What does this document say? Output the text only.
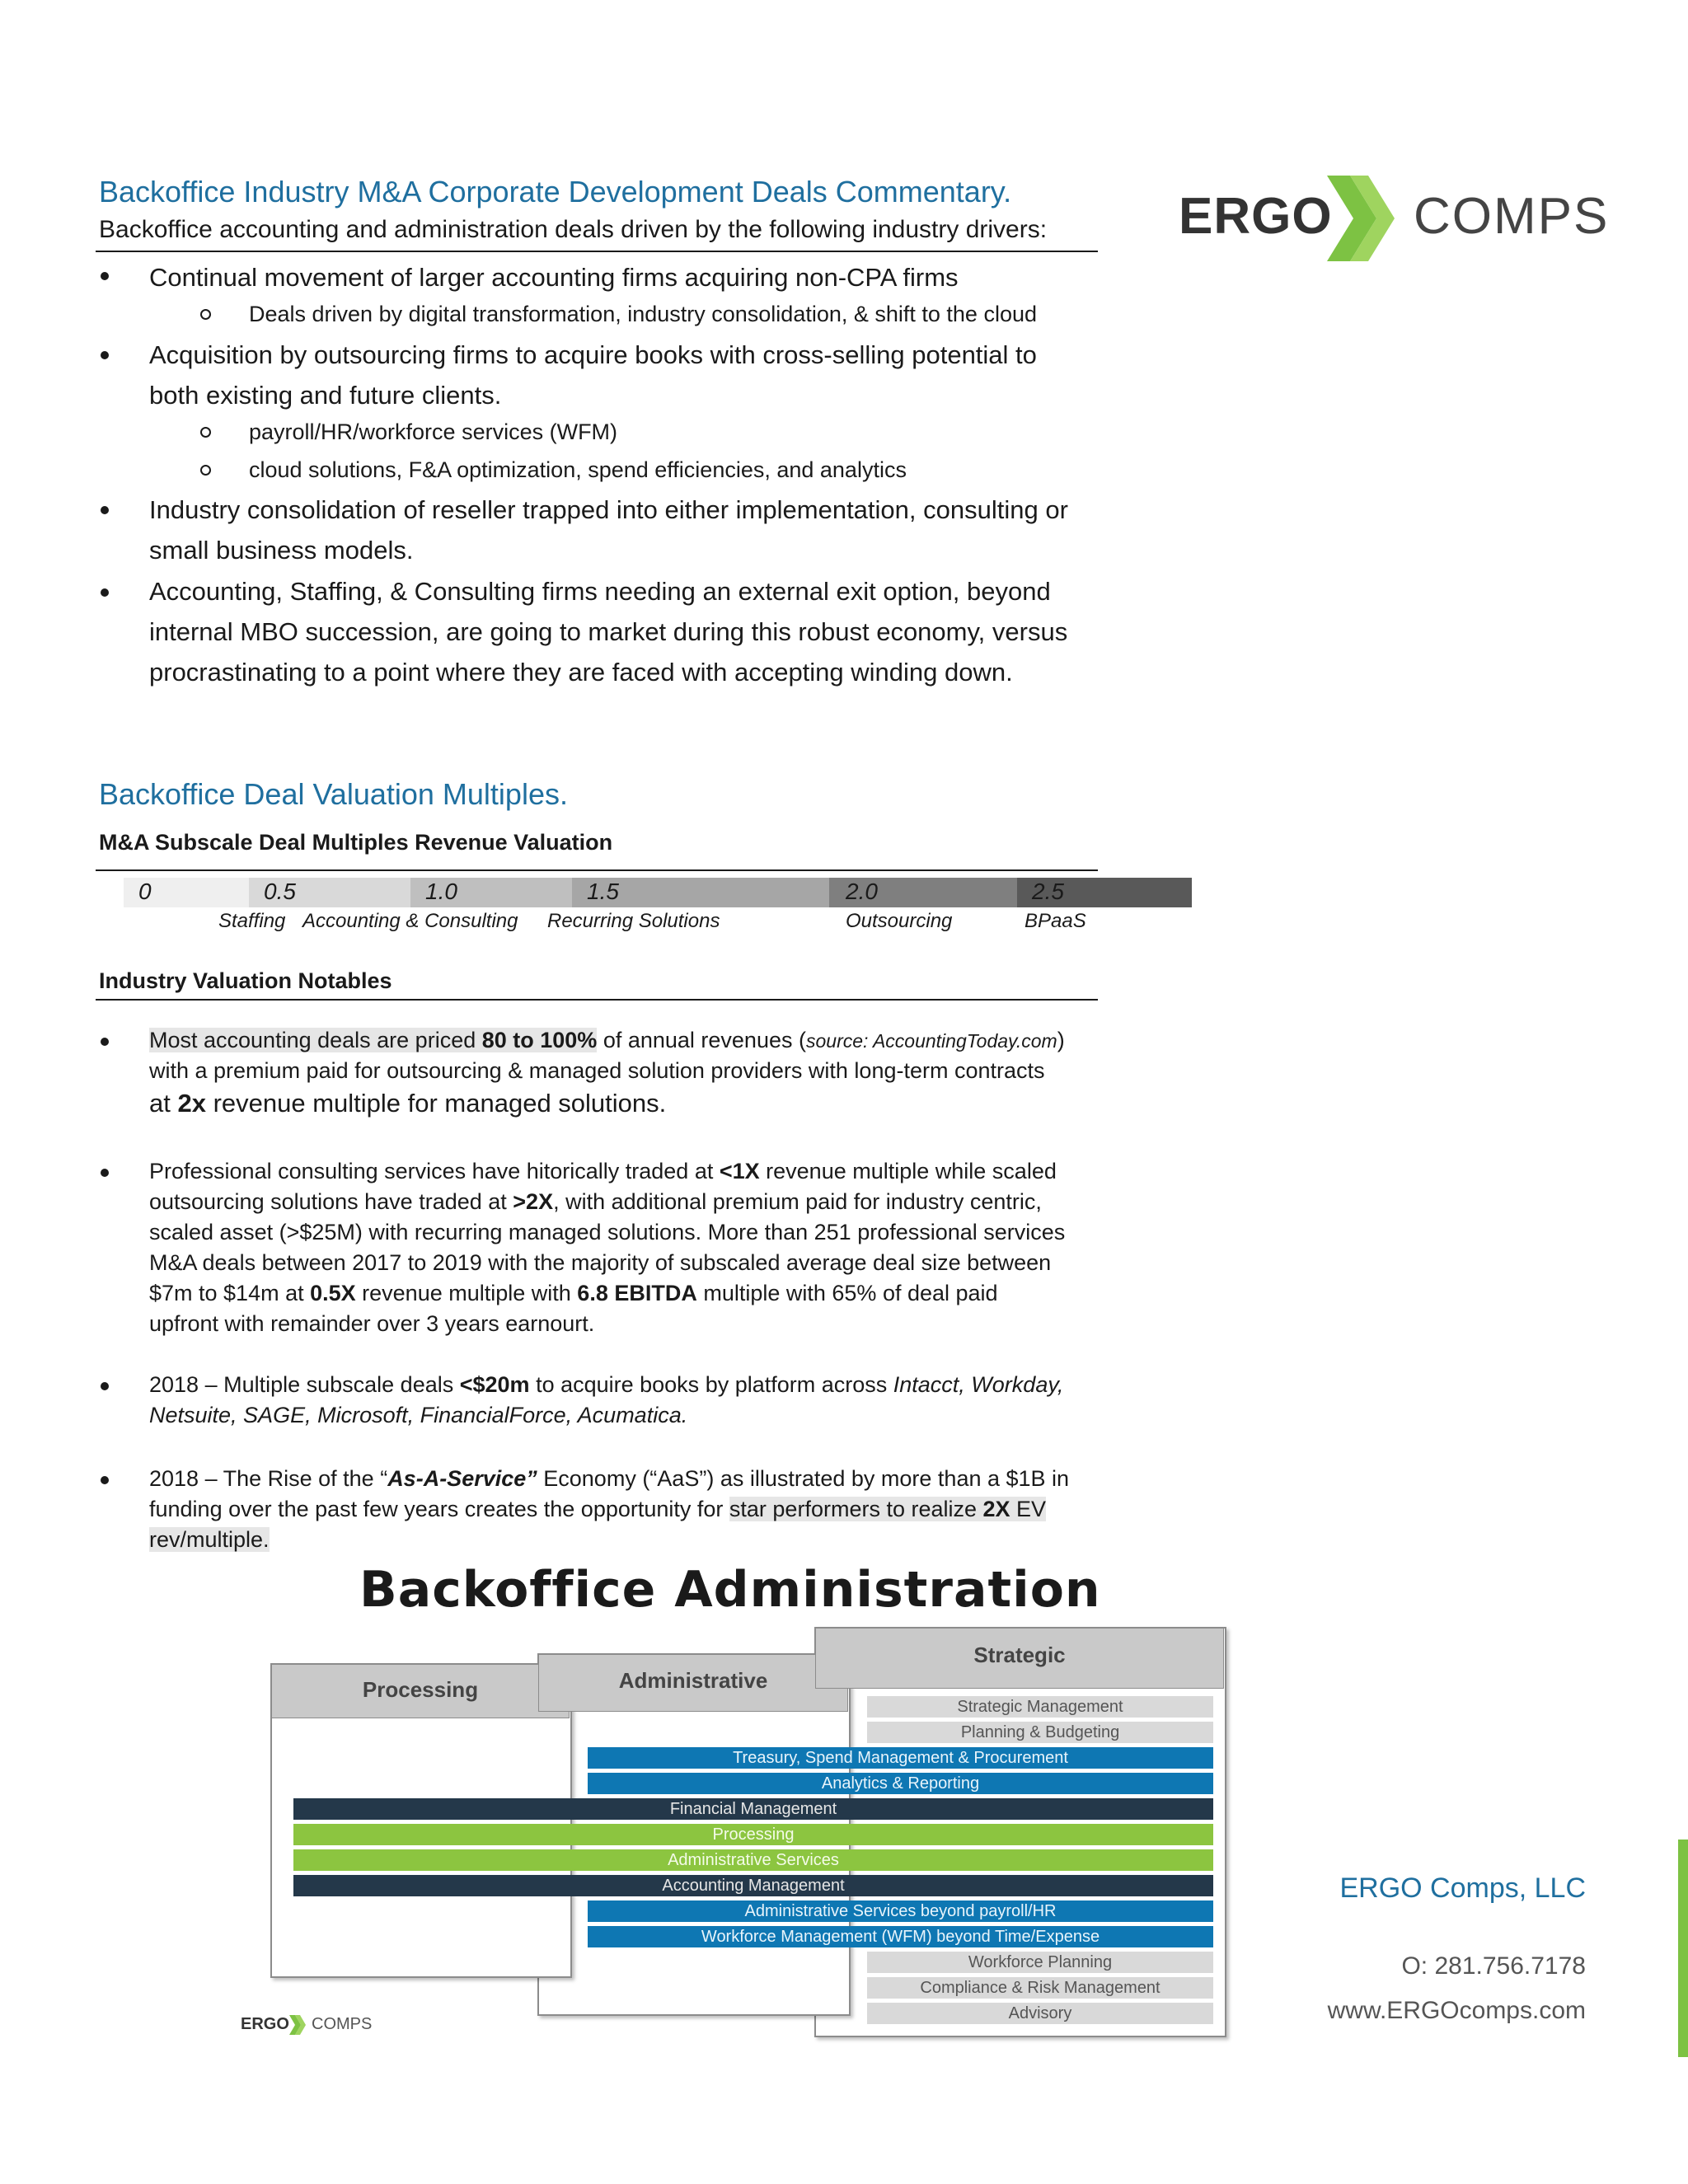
ERGO COMPS
Backoffice Industry M&A Corporate Development Deals Commentary.
Backoffice accounting and administration deals driven by the following industry drivers:
Continual movement of larger accounting firms acquiring non-CPA firms
Deals driven by digital transformation, industry consolidation, & shift to the cloud
Acquisition by outsourcing firms to acquire books with cross-selling potential to
both existing and future clients.
payroll/HR/workforce services (WFM)
cloud solutions, F&A optimization, spend efficiencies, and analytics
Industry consolidation of reseller trapped into either implementation, consulting or
small business models.
Accounting, Staffing, & Consulting firms needing an external exit option, beyond
internal MBO succession, are going to market during this robust economy, versus
procrastinating to a point where they are faced with accepting winding down.
Backoffice Deal Valuation Multiples.
M&A Subscale Deal Multiples Revenue Valuation
0	0.5	1.0	1.5	2.0	2.5
Staffing Accounting & Consulting Recurring Solutions	Outsourcing	BPaaS
Industry Valuation Notables
Most accounting deals are priced 80 to 100% of annual revenues (source: AccountingToday.com)
with a premium paid for outsourcing & managed solution providers with long-term contracts
at 2x revenue multiple for managed solutions.
Professional consulting services have hitorically traded at <1X revenue multiple while scaled
outsourcing solutions have traded at >2X, with additional premium paid for industry centric,
scaled asset (>$25M) with recurring managed solutions. More than 251 professional services
M&A deals between 2017 to 2019 with the majority of subscaled average deal size between
$7m to $14m at 0.5X revenue multiple with 6.8 EBITDA multiple with 65% of deal paid
upfront with remainder over 3 years earnourt.
2018 – Multiple subscale deals <$20m to acquire books by platform across Intacct, Workday,
Netsuite, SAGE, Microsoft, FinancialForce, Acumatica.
2018 – The Rise of the “As-A-Service” Economy (“AaS”) as illustrated by more than a $1B in
funding over the past few years creates the opportunity for star performers to realize 2X EV
rev/multiple.
Backoffice Administration
Processing	Administrative
Strategic
Strategic Management
Planning & Budgeting
Treasury, Spend Management & Procurement
Analytics & Reporting
Financial Management
Processing
Administrative Services
Accounting Management
Administrative Services beyond payroll/HR
Workforce Management (WFM) beyond Time/Expense
Workforce Planning
Compliance & Risk Management
Advisory
ERGO COMPS
ERGO Comps, LLC
O: 281.756.7178
www.ERGOcomps.com
